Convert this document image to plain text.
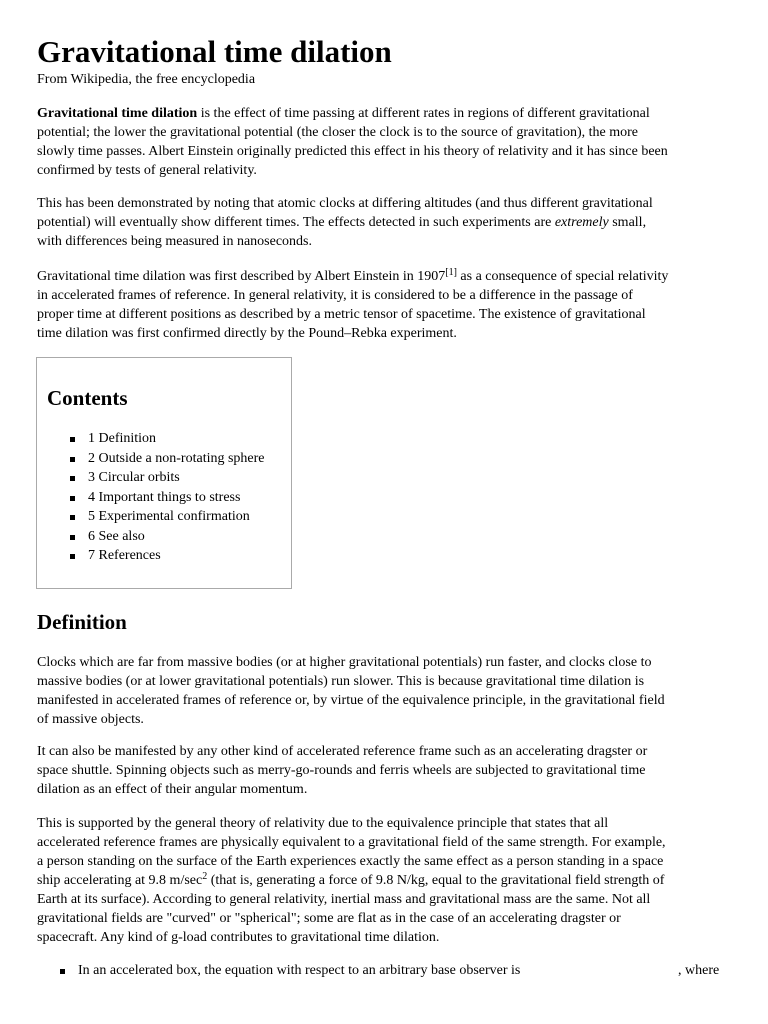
Gravitational time dilation
From Wikipedia, the free encyclopedia

Gravitational time dilation is the effect of time passing at different rates in regions of different gravitational
potential; the lower the gravitational potential (the closer the clock is to the source of gravitation), the more
slowly time passes. Albert Einstein originally predicted this effect in his theory of relativity and it has since been
confirmed by tests of general relativity.

This has been demonstrated by noting that atomic clocks at differing altitudes (and thus different gravitational
potential) will eventually show different times. The effects detected in such experiments are extremely small,
with differences being measured in nanoseconds.

Gravitational time dilation was first described by Albert Einstein in 1907[1] as a consequence of special relativity
in accelerated frames of reference. In general relativity, it is considered to be a difference in the passage of
proper time at different positions as described by a metric tensor of spacetime. The existence of gravitational
time dilation was first confirmed directly by the Pound–Rebka experiment.

Contents
1 Definition
2 Outside a non-rotating sphere
3 Circular orbits
4 Important things to stress
5 Experimental confirmation
6 See also
7 References
Definition

Clocks which are far from massive bodies (or at higher gravitational potentials) run faster, and clocks close to
massive bodies (or at lower gravitational potentials) run slower. This is because gravitational time dilation is
manifested in accelerated frames of reference or, by virtue of the equivalence principle, in the gravitational field
of massive objects.

It can also be manifested by any other kind of accelerated reference frame such as an accelerating dragster or
space shuttle. Spinning objects such as merry-go-rounds and ferris wheels are subjected to gravitational time
dilation as an effect of their angular momentum.

This is supported by the general theory of relativity due to the equivalence principle that states that all
accelerated reference frames are physically equivalent to a gravitational field of the same strength. For example,
a person standing on the surface of the Earth experiences exactly the same effect as a person standing in a space
ship accelerating at 9.8 $m/\sec^2$ (that is, generating a force of 9.8 N/kg, equal to the gravitational field strength of
Earth at its surface). According to general relativity, inertial mass and gravitational mass are the same. Not all
gravitational fields are "curved" or "spherical"; some are flat as in the case of an accelerating dragster or
spacecraft. Any kind of g-load contributes to gravitational time dilation.

In an accelerated box, the equation with respect to an arbitrary base observer is	, where
